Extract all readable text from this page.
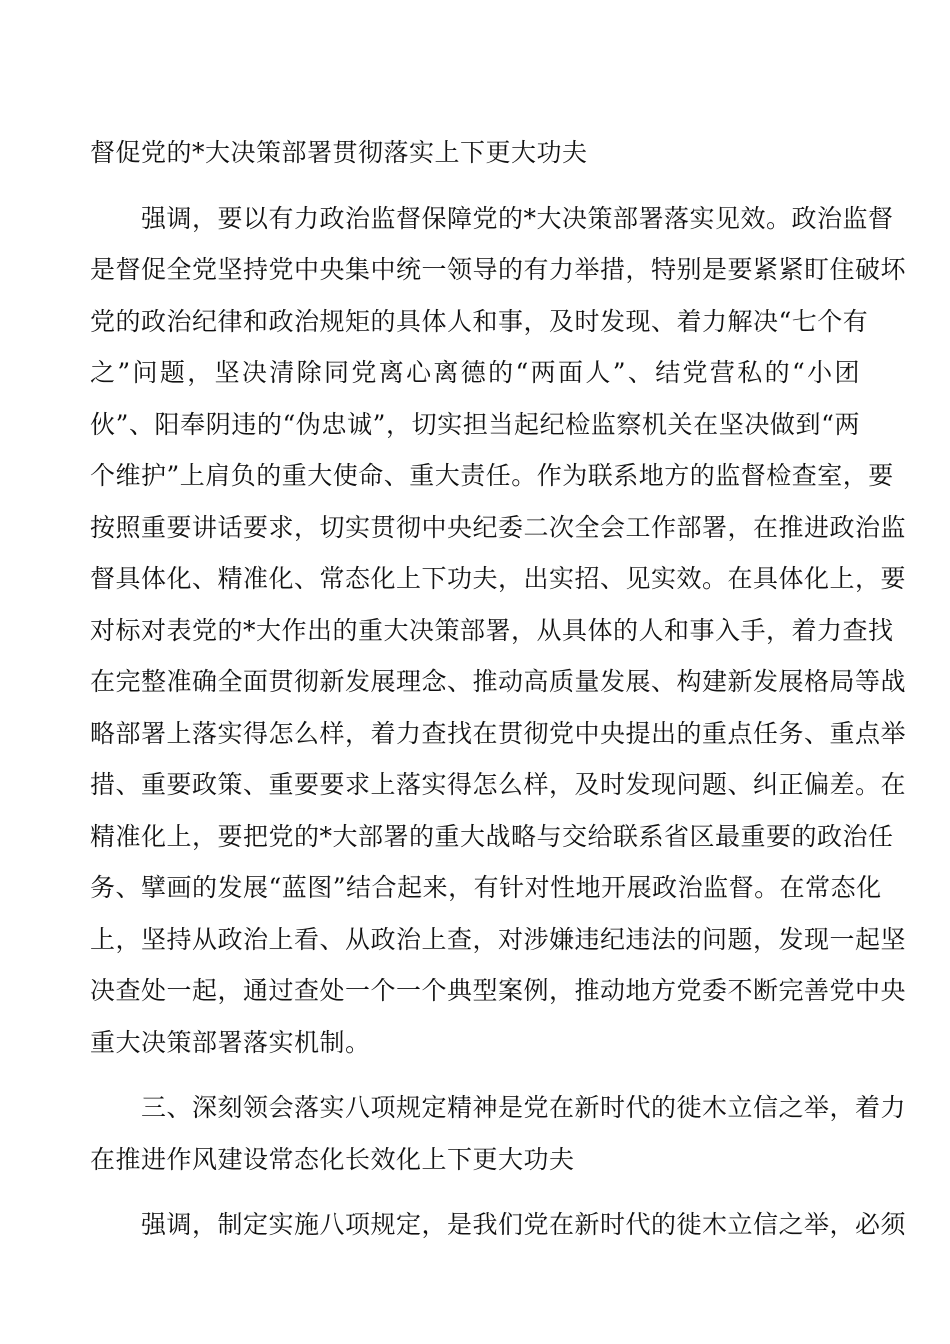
督促党的*大决策部署贯彻落实上下更大功夫
　　强调，要以有力政治监督保障党的*大决策部署落实见效。政治监督
是督促全党坚持党中央集中统一领导的有力举措，特别是要紧紧盯住破坏
党的政治纪律和政治规矩的具体人和事，及时发现、着力解决“七个有
之”问题，坚决清除同党离心离德的“两面人”、结党营私的“小团
伙”、阳奉阴违的“伪忠诚”，切实担当起纪检监察机关在坚决做到“两
个维护”上肩负的重大使命、重大责任。作为联系地方的监督检查室，要
按照重要讲话要求，切实贯彻中央纪委二次全会工作部署，在推进政治监
督具体化、精准化、常态化上下功夫，出实招、见实效。在具体化上，要
对标对表党的*大作出的重大决策部署，从具体的人和事入手，着力查找
在完整准确全面贯彻新发展理念、推动高质量发展、构建新发展格局等战
略部署上落实得怎么样，着力查找在贯彻党中央提出的重点任务、重点举
措、重要政策、重要要求上落实得怎么样，及时发现问题、纠正偏差。在
精准化上，要把党的*大部署的重大战略与交给联系省区最重要的政治任
务、擘画的发展“蓝图”结合起来，有针对性地开展政治监督。在常态化
上，坚持从政治上看、从政治上查，对涉嫌违纪违法的问题，发现一起坚
决查处一起，通过查处一个一个典型案例，推动地方党委不断完善党中央
重大决策部署落实机制。
　　三、深刻领会落实八项规定精神是党在新时代的徙木立信之举，着力
在推进作风建设常态化长效化上下更大功夫
　　强调，制定实施八项规定，是我们党在新时代的徙木立信之举，必须
